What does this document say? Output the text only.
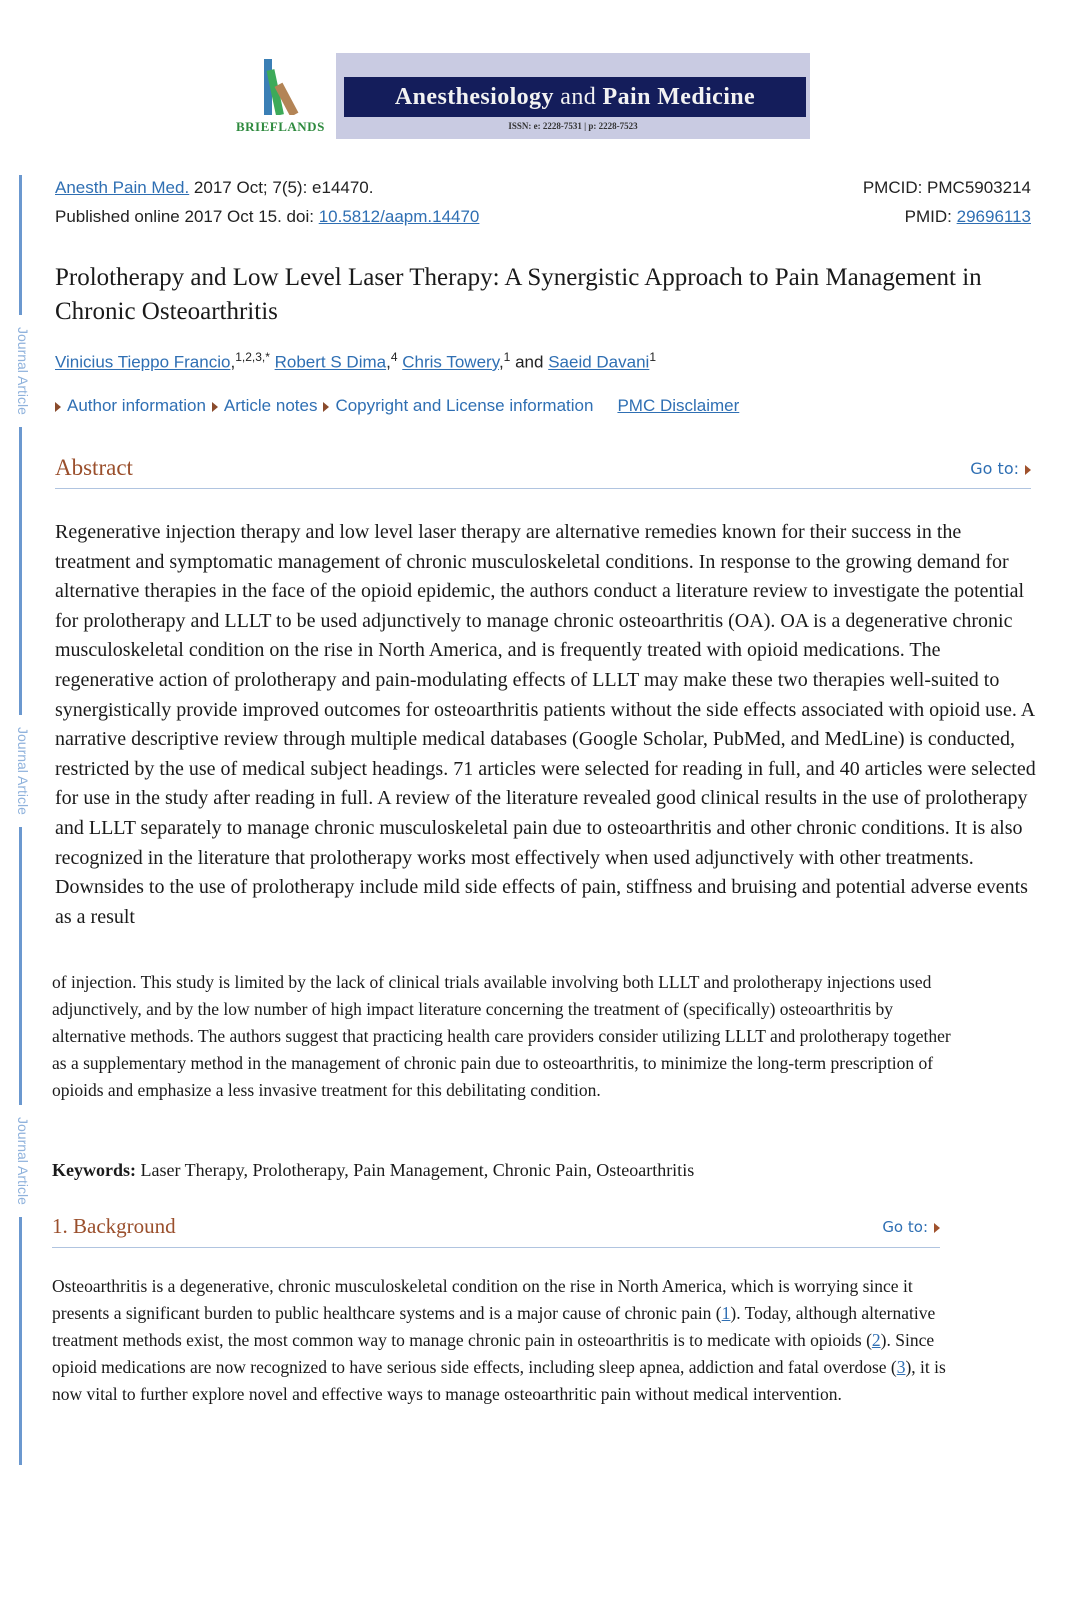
BRIEFLANDS
Anesthesiology and Pain Medicine
ISSN: e: 2228-7531 | p: 2228-7523
Journal Article
Journal Article
Journal Article
Anesth Pain Med. 2017 Oct; 7(5): e14470.
Published online 2017 Oct 15. doi: 10.5812/aapm.14470
PMCID: PMC5903214
PMID: 29696113
Prolotherapy and Low Level Laser Therapy: A Synergistic Approach to Pain Management in Chronic Osteoarthritis
Vinicius Tieppo Francio,$^{1,2,3,*}$ Robert S Dima,$^4$ Chris Towery,$^1$ and Saeid Davani$^1$
Author information	Article notes	Copyright and License information PMC Disclaimer
Abstract	Go to:

Regenerative injection therapy and low level laser therapy are alternative remedies known for their success in the treatment and symptomatic management of chronic musculoskeletal conditions. In response to the growing demand for alternative therapies in the face of the opioid epidemic, the authors conduct a literature review to investigate the potential for prolotherapy and LLLT to be used adjunctively to manage chronic osteoarthritis (OA). OA is a degenerative chronic musculoskeletal condition on the rise in North America, and is frequently treated with opioid medications. The regenerative action of prolotherapy and pain-modulating effects of LLLT may make these two therapies well-suited to synergistically provide improved outcomes for osteoarthritis patients without the side effects associated with opioid use. A narrative descriptive review through multiple medical databases (Google Scholar, PubMed, and MedLine) is conducted, restricted by the use of medical subject headings. 71 articles were selected for reading in full, and 40 articles were selected for use in the study after reading in full. A review of the literature revealed good clinical results in the use of prolotherapy and LLLT separately to manage chronic musculoskeletal pain due to osteoarthritis and other chronic conditions. It is also recognized in the literature that prolotherapy works most effectively when used adjunctively with other treatments. Downsides to the use of prolotherapy include mild side effects of pain, stiffness and bruising and potential adverse events as a result

of injection. This study is limited by the lack of clinical trials available involving both LLLT and prolotherapy injections used adjunctively, and by the low number of high impact literature concerning the treatment of (specifically) osteoarthritis by alternative methods. The authors suggest that practicing health care providers consider utilizing LLLT and prolotherapy together as a supplementary method in the management of chronic pain due to osteoarthritis, to minimize the long-term prescription of opioids and emphasize a less invasive treatment for this debilitating condition.

Keywords: Laser Therapy, Prolotherapy, Pain Management, Chronic Pain, Osteoarthritis
1. Background	Go to:

Osteoarthritis is a degenerative, chronic musculoskeletal condition on the rise in North America, which is worrying since it presents a significant burden to public healthcare systems and is a major cause of chronic pain (1). Today, although alternative treatment methods exist, the most common way to manage chronic pain in osteoarthritis is to medicate with opioids (2). Since opioid medications are now recognized to have serious side effects, including sleep apnea, addiction and fatal overdose (3), it is now vital to further explore novel and effective ways to manage osteoarthritic pain without medical intervention.
